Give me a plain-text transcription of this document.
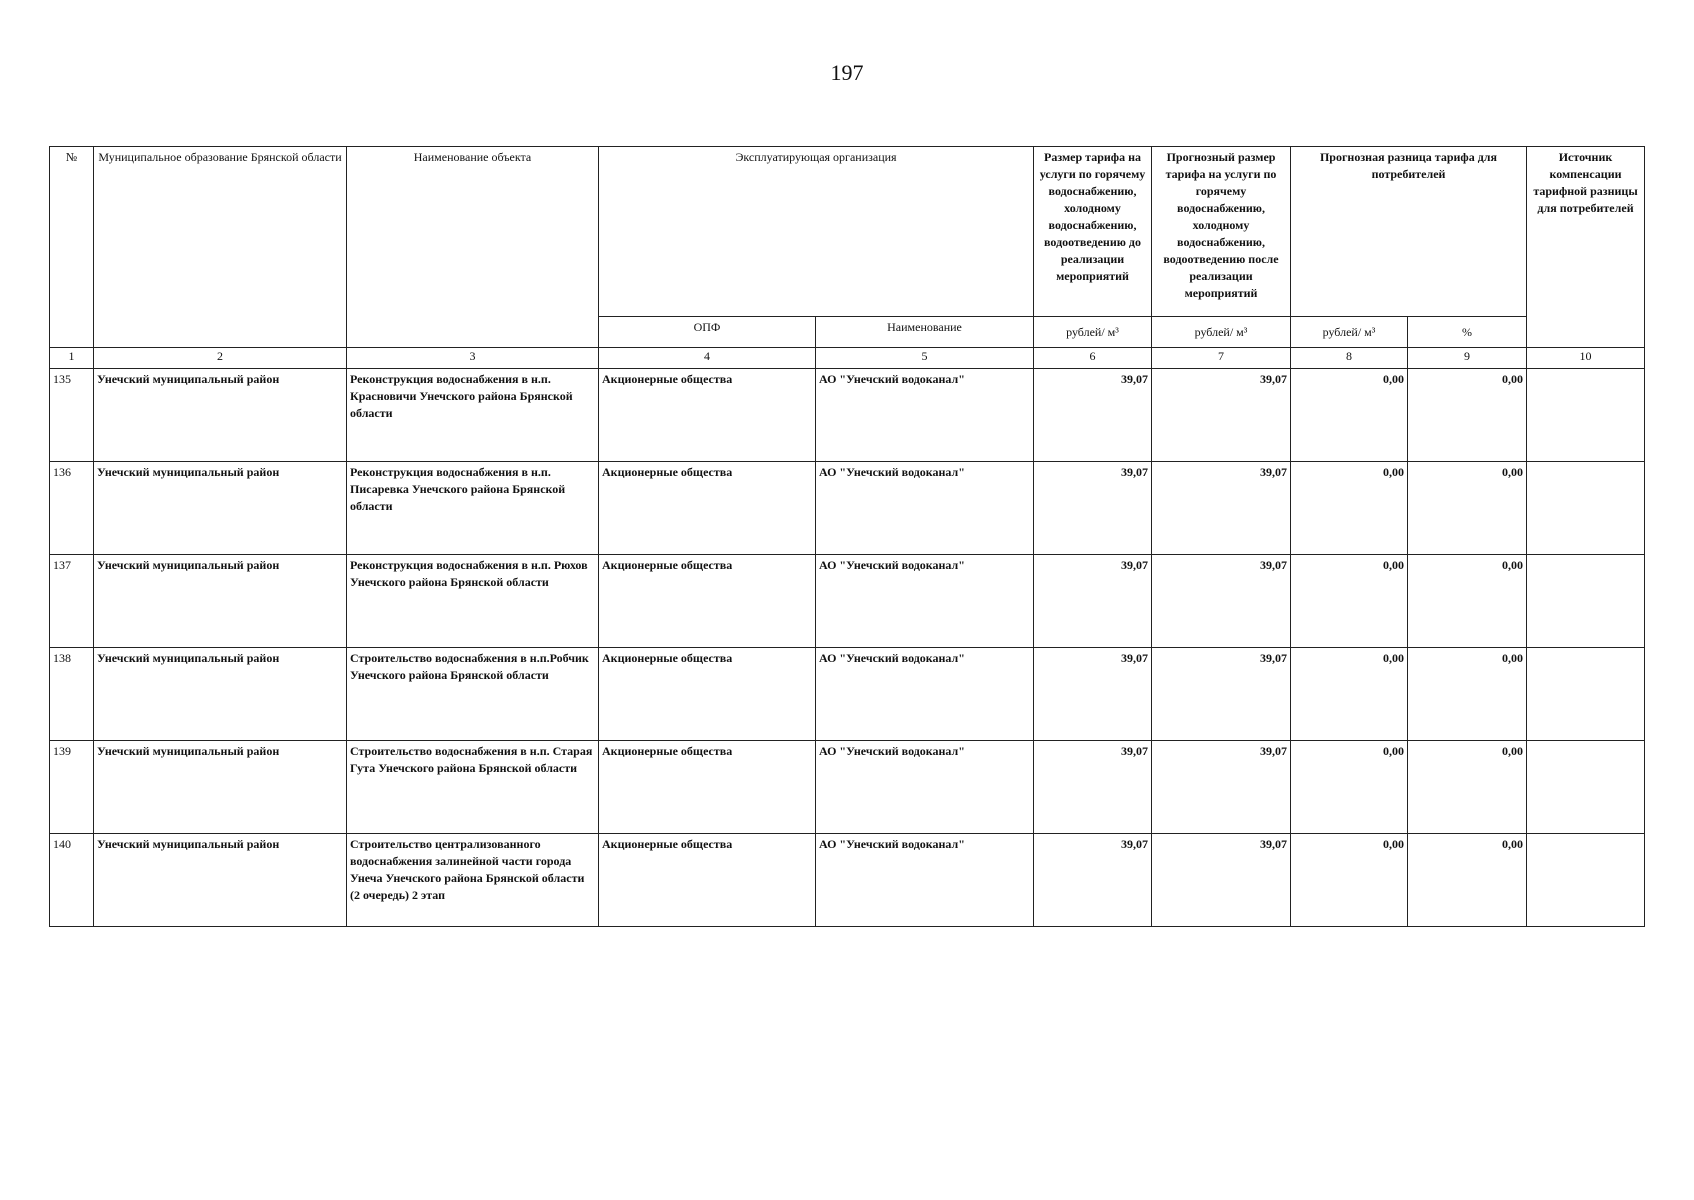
197
№	Муниципальное образование Брянской области	Наименование объекта	Эксплуатирующая организация		Размер тарифа на услуги по горячему водоснабжению, холодному водоснабжению, водоотведению до реализации мероприятий	Прогнозный размер тарифа на услуги по горячему водоснабжению, холодному водоснабжению, водоотведению после реализации мероприятий	Прогнозная разница тарифа для потребителей		Источник компенсации тарифной разницы для потребителей
			ОПФ	Наименование	рублей/ м³	рублей/ м³	рублей/ м³	%	
1	2	3	4	5	6	7	8	9	10
135	Унечский муниципальный район	Реконструкция водоснабжения в н.п. Красновичи Унечского района Брянской области	Акционерные общества	АО "Унечский водоканал"	39,07	39,07	0,00	0,00	
136	Унечский муниципальный район	Реконструкция водоснабжения в н.п. Писаревка Унечского района Брянской области	Акционерные общества	АО "Унечский водоканал"	39,07	39,07	0,00	0,00	
137	Унечский муниципальный район	Реконструкция водоснабжения в н.п. Рюхов Унечского района Брянской области	Акционерные общества	АО "Унечский водоканал"	39,07	39,07	0,00	0,00	
138	Унечский муниципальный район	Строительство водоснабжения в н.п.Робчик Унечского района Брянской области	Акционерные общества	АО "Унечский водоканал"	39,07	39,07	0,00	0,00	
139	Унечский муниципальный район	Строительство водоснабжения в н.п. Старая Гута Унечского района Брянской области	Акционерные общества	АО "Унечский водоканал"	39,07	39,07	0,00	0,00	
140	Унечский муниципальный район	Строительство централизованного водоснабжения залинейной части города Унеча Унечского района Брянской области (2 очередь) 2 этап	Акционерные общества	АО "Унечский водоканал"	39,07	39,07	0,00	0,00	
